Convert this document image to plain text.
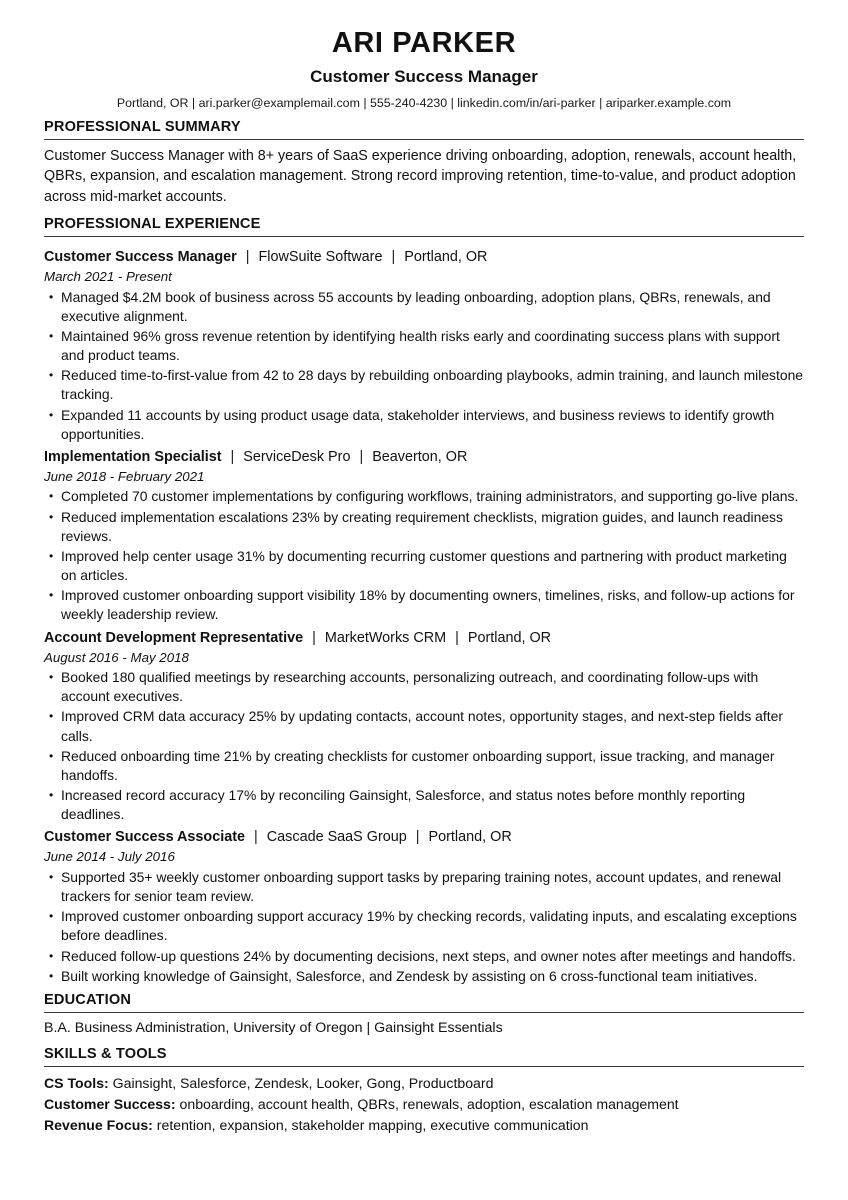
ARI PARKER
Customer Success Manager
Portland, OR | ari.parker@examplemail.com | 555-240-4230 | linkedin.com/in/ari-parker | ariparker.example.com
PROFESSIONAL SUMMARY

Customer Success Manager with 8+ years of SaaS experience driving onboarding, adoption, renewals, account health, QBRs, expansion, and escalation management. Strong record improving retention, time-to-value, and product adoption across mid-market accounts.

PROFESSIONAL EXPERIENCE
Customer Success Manager | FlowSuite Software | Portland, OR
March 2021 - Present
• Managed $4.2M book of business across 55 accounts by leading onboarding, adoption plans, QBRs, renewals, and executive alignment.
• Maintained 96% gross revenue retention by identifying health risks early and coordinating success plans with support and product teams.
• Reduced time-to-first-value from 42 to 28 days by rebuilding onboarding playbooks, admin training, and launch milestone tracking.
• Expanded 11 accounts by using product usage data, stakeholder interviews, and business reviews to identify growth opportunities.
Implementation Specialist | ServiceDesk Pro | Beaverton, OR
June 2018 - February 2021
• Completed 70 customer implementations by configuring workflows, training administrators, and supporting go-live plans.
• Reduced implementation escalations 23% by creating requirement checklists, migration guides, and launch readiness reviews.
• Improved help center usage 31% by documenting recurring customer questions and partnering with product marketing on articles.
• Improved customer onboarding support visibility 18% by documenting owners, timelines, risks, and follow-up actions for weekly leadership review.
Account Development Representative | MarketWorks CRM | Portland, OR
August 2016 - May 2018
• Booked 180 qualified meetings by researching accounts, personalizing outreach, and coordinating follow-ups with account executives.
• Improved CRM data accuracy 25% by updating contacts, account notes, opportunity stages, and next-step fields after calls.
• Reduced onboarding time 21% by creating checklists for customer onboarding support, issue tracking, and manager handoffs.
• Increased record accuracy 17% by reconciling Gainsight, Salesforce, and status notes before monthly reporting deadlines.
Customer Success Associate | Cascade SaaS Group | Portland, OR
June 2014 - July 2016
• Supported 35+ weekly customer onboarding support tasks by preparing training notes, account updates, and renewal trackers for senior team review.
• Improved customer onboarding support accuracy 19% by checking records, validating inputs, and escalating exceptions before deadlines.
• Reduced follow-up questions 24% by documenting decisions, next steps, and owner notes after meetings and handoffs.
• Built working knowledge of Gainsight, Salesforce, and Zendesk by assisting on 6 cross-functional team initiatives.
EDUCATION
B.A. Business Administration, University of Oregon | Gainsight Essentials
SKILLS & TOOLS
CS Tools: Gainsight, Salesforce, Zendesk, Looker, Gong, Productboard
Customer Success: onboarding, account health, QBRs, renewals, adoption, escalation management
Revenue Focus: retention, expansion, stakeholder mapping, executive communication
